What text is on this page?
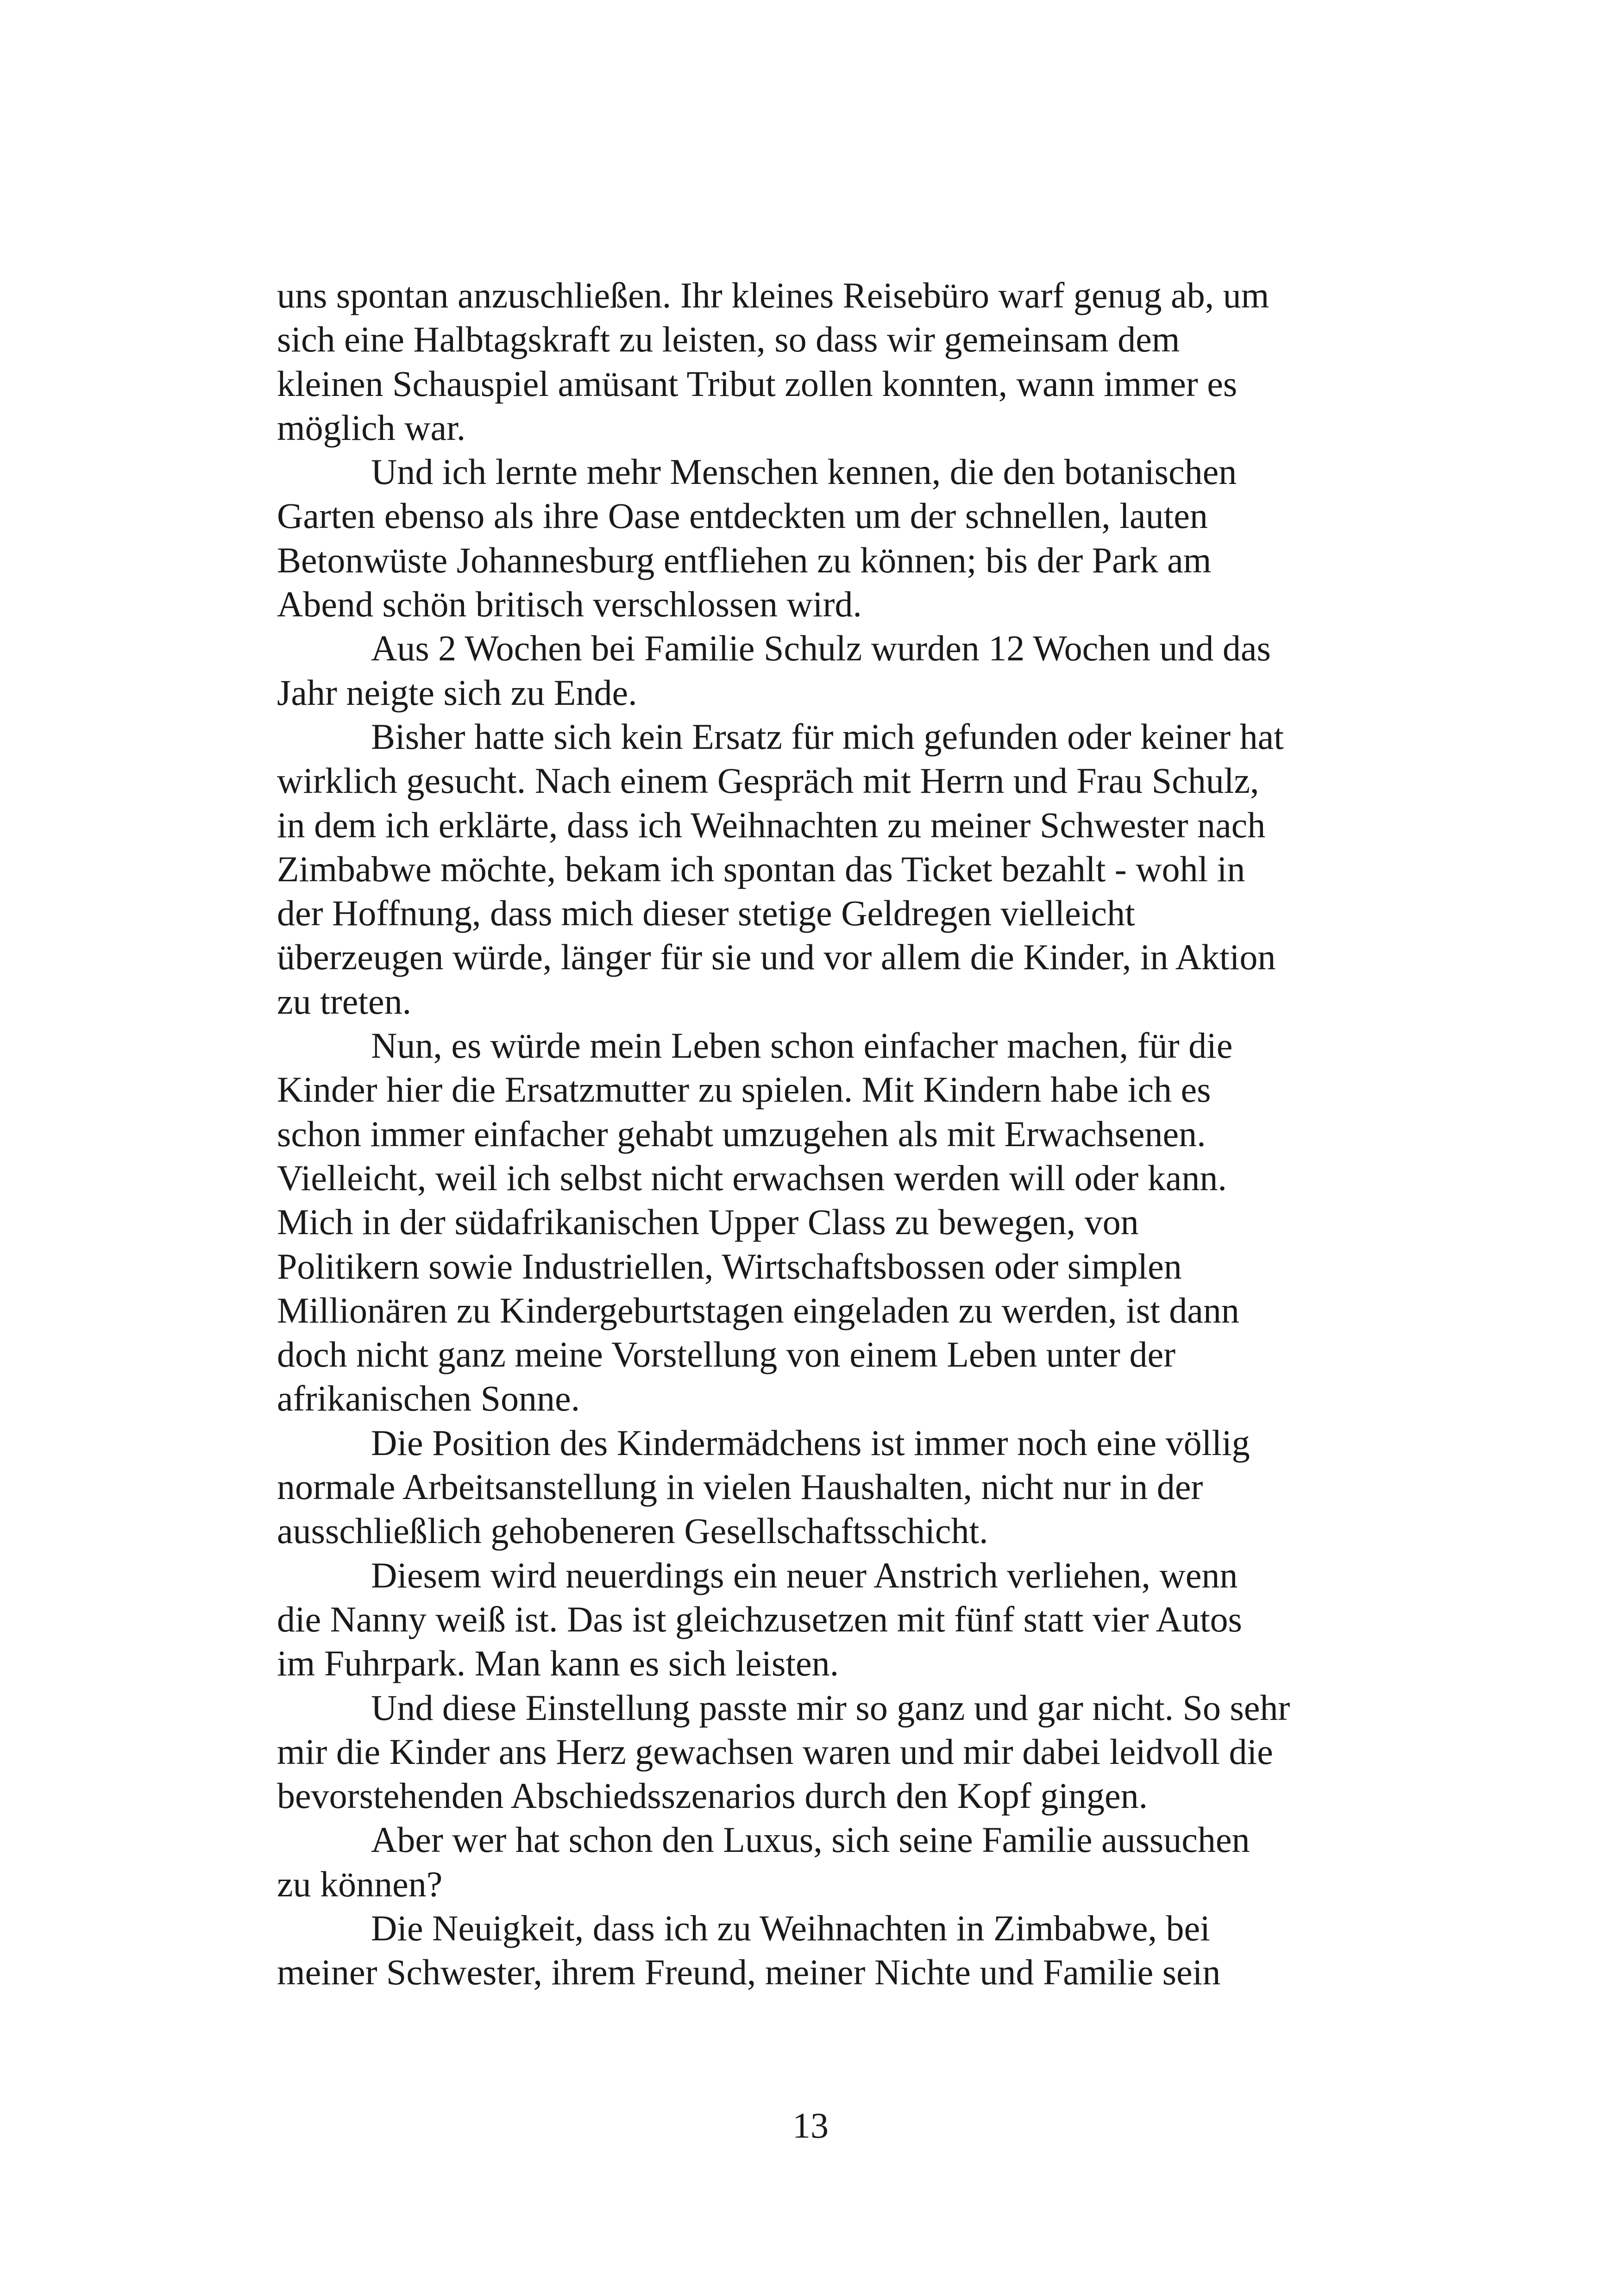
uns spontan anzuschließen. Ihr kleines Reisebüro warf genug ab, um
sich eine Halbtagskraft zu leisten, so dass wir gemeinsam dem
kleinen Schauspiel amüsant Tribut zollen konnten, wann immer es
möglich war.
Und ich lernte mehr Menschen kennen, die den botanischen
Garten ebenso als ihre Oase entdeckten um der schnellen, lauten
Betonwüste Johannesburg entfliehen zu können; bis der Park am
Abend schön britisch verschlossen wird.
Aus 2 Wochen bei Familie Schulz wurden 12 Wochen und das
Jahr neigte sich zu Ende.
Bisher hatte sich kein Ersatz für mich gefunden oder keiner hat
wirklich gesucht. Nach einem Gespräch mit Herrn und Frau Schulz,
in dem ich erklärte, dass ich Weihnachten zu meiner Schwester nach
Zimbabwe möchte, bekam ich spontan das Ticket bezahlt - wohl in
der Hoffnung, dass mich dieser stetige Geldregen vielleicht
überzeugen würde, länger für sie und vor allem die Kinder, in Aktion
zu treten.
Nun, es würde mein Leben schon einfacher machen, für die
Kinder hier die Ersatzmutter zu spielen. Mit Kindern habe ich es
schon immer einfacher gehabt umzugehen als mit Erwachsenen.
Vielleicht, weil ich selbst nicht erwachsen werden will oder kann.
Mich in der südafrikanischen Upper Class zu bewegen, von
Politikern sowie Industriellen, Wirtschaftsbossen oder simplen
Millionären zu Kindergeburtstagen eingeladen zu werden, ist dann
doch nicht ganz meine Vorstellung von einem Leben unter der
afrikanischen Sonne.
Die Position des Kindermädchens ist immer noch eine völlig
normale Arbeitsanstellung in vielen Haushalten, nicht nur in der
ausschließlich gehobeneren Gesellschaftsschicht.
Diesem wird neuerdings ein neuer Anstrich verliehen, wenn
die Nanny weiß ist. Das ist gleichzusetzen mit fünf statt vier Autos
im Fuhrpark. Man kann es sich leisten.
Und diese Einstellung passte mir so ganz und gar nicht. So sehr
mir die Kinder ans Herz gewachsen waren und mir dabei leidvoll die
bevorstehenden Abschiedsszenarios durch den Kopf gingen.
Aber wer hat schon den Luxus, sich seine Familie aussuchen
zu können?
Die Neuigkeit, dass ich zu Weihnachten in Zimbabwe, bei
meiner Schwester, ihrem Freund, meiner Nichte und Familie sein
13
